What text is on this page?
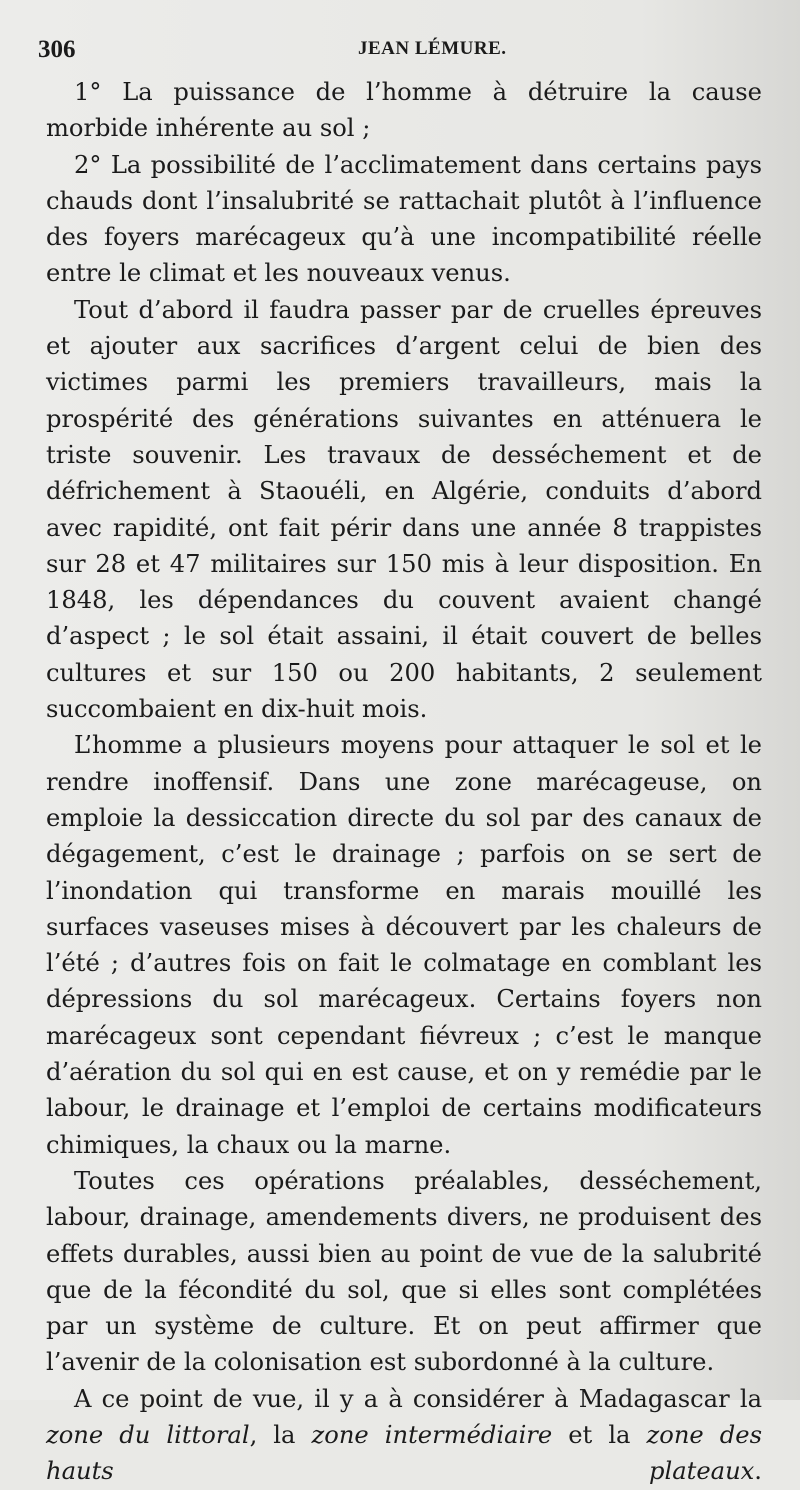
306	JEAN LÉMURE.
1° La puissance de l’homme à détruire la cause morbide inhérente au sol ;
2° La possibilité de l’acclimatement dans certains pays chauds dont l’insalubrité se rattachait plutôt à l’influence des foyers marécageux qu’à une incompatibilité réelle entre le climat et les nouveaux venus.
Tout d’abord il faudra passer par de cruelles épreuves et ajouter aux sacrifices d’argent celui de bien des victimes parmi les premiers travailleurs, mais la prospérité des générations suivantes en atténuera le triste souvenir. Les travaux de desséchement et de défrichement à Staouéli, en Algérie, conduits d’abord avec rapidité, ont fait périr dans une année 8 trappistes sur 28 et 47 militaires sur 150 mis à leur disposition. En 1848, les dépendances du couvent avaient changé d’aspect ; le sol était assaini, il était couvert de belles cultures et sur 150 ou 200 habitants, 2 seulement succombaient en dix-huit mois.
L’homme a plusieurs moyens pour attaquer le sol et le rendre inoffensif. Dans une zone marécageuse, on emploie la dessiccation directe du sol par des canaux de dégagement, c’est le drainage ; parfois on se sert de l’inondation qui transforme en marais mouillé les surfaces vaseuses mises à découvert par les chaleurs de l’été ; d’autres fois on fait le colmatage en comblant les dépressions du sol marécageux. Certains foyers non marécageux sont cependant fiévreux ; c’est le manque d’aération du sol qui en est cause, et on y remédie par le labour, le drainage et l’emploi de certains modificateurs chimiques, la chaux ou la marne.
Toutes ces opérations préalables, desséchement, labour, drainage, amendements divers, ne produisent des effets durables, aussi bien au point de vue de la salubrité que de la fécondité du sol, que si elles sont complétées par un système de culture. Et on peut affirmer que l’avenir de la colonisation est subordonné à la culture.
A ce point de vue, il y a à considérer à Madagascar la zone du littoral, la zone intermédiaire et la zone des hauts plateaux.
